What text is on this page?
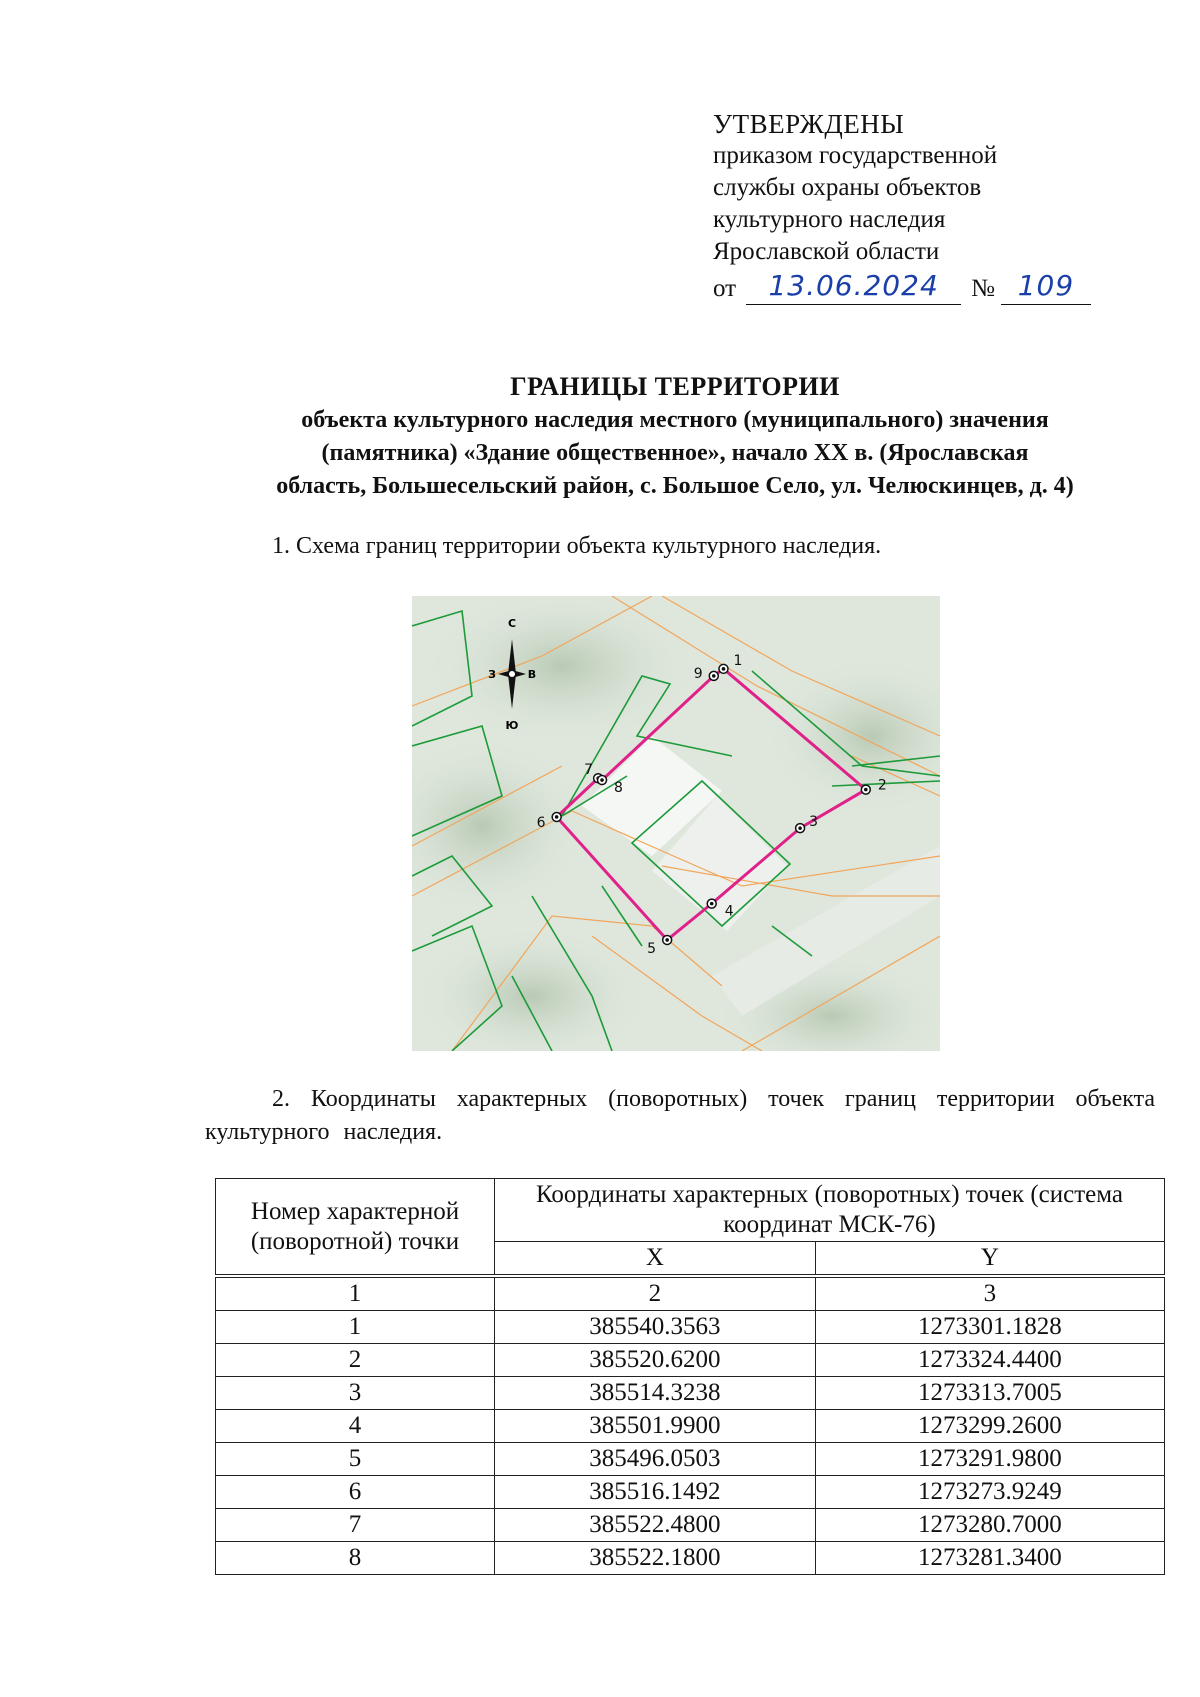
УТВЕРЖДЕНЫ
приказом государственной
службы охраны объектов
культурного наследия
Ярославской области
от	13.06.2024	№ 109
ГРАНИЦЫ ТЕРРИТОРИИ
объекта культурного наследия местного (муниципального) значения
(памятника) «Здание общественное», начало XX в. (Ярославская
область, Большесельский район, с. Большое Село, ул. Челюскинцев, д. 4)
1. Схема границ территории объекта культурного наследия.
С
Ю
З	В
1
2
3
4
5
6
7
8
9
2. Координаты характерных (поворотных) точек границ территории объекта культурного наследия.
Номер характерной (поворотной) точки	Координаты характерных (поворотных) точек (система координат МСК-76)	
	X	Y
1	2	3
1	385540.3563	1273301.1828
2	385520.6200	1273324.4400
3	385514.3238	1273313.7005
4	385501.9900	1273299.2600
5	385496.0503	1273291.9800
6	385516.1492	1273273.9249
7	385522.4800	1273280.7000
8	385522.1800	1273281.3400
